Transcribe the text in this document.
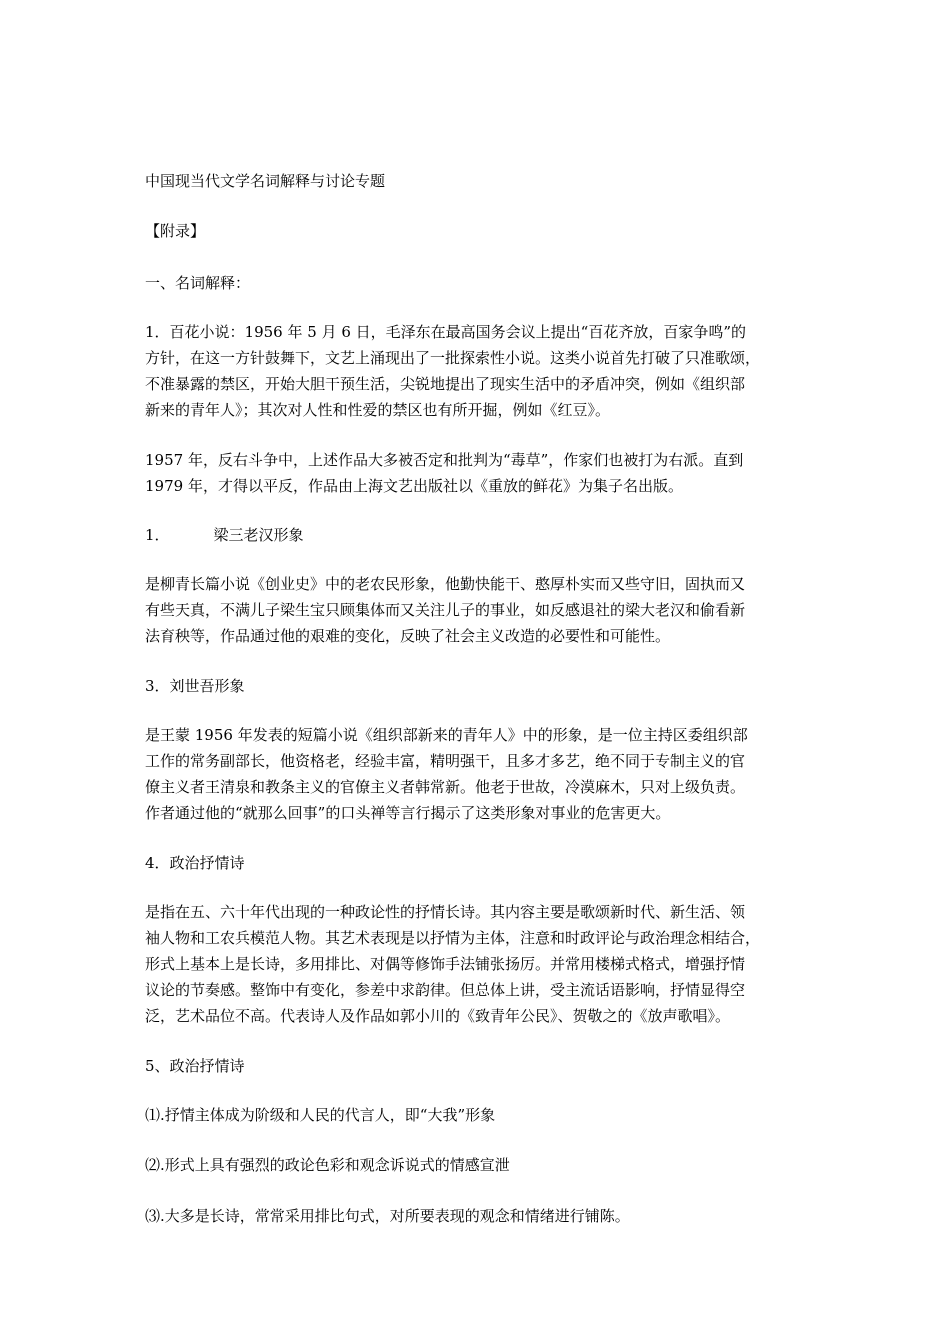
中国现当代文学名词解释与讨论专题

【附录】

一、名词解释：

1．百花小说：1956 年 5 月 6 日，毛泽东在最高国务会议上提出“百花齐放，百家争鸣”的
方针，在这一方针鼓舞下，文艺上涌现出了一批探索性小说。这类小说首先打破了只准歌颂，
不准暴露的禁区，开始大胆干预生活，尖锐地提出了现实生活中的矛盾冲突，例如《组织部
新来的青年人》；其次对人性和性爱的禁区也有所开掘，例如《红豆》。
1957 年，反右斗争中，上述作品大多被否定和批判为“毒草”，作家们也被打为右派。直到
1979 年，才得以平反，作品由上海文艺出版社以《重放的鲜花》为集子名出版。

1．	梁三老汉形象

是柳青长篇小说《创业史》中的老农民形象，他勤快能干、憨厚朴实而又些守旧，固执而又
有些天真，不满儿子梁生宝只顾集体而又关注儿子的事业，如反感退社的梁大老汉和偷看新
法育秧等，作品通过他的艰难的变化，反映了社会主义改造的必要性和可能性。

3．刘世吾形象

是王蒙 1956 年发表的短篇小说《组织部新来的青年人》中的形象，是一位主持区委组织部
工作的常务副部长，他资格老，经验丰富，精明强干，且多才多艺，绝不同于专制主义的官
僚主义者王清泉和教条主义的官僚主义者韩常新。他老于世故，冷漠麻木，只对上级负责。
作者通过他的“就那么回事”的口头禅等言行揭示了这类形象对事业的危害更大。

4．政治抒情诗

是指在五、六十年代出现的一种政论性的抒情长诗。其内容主要是歌颂新时代、新生活、领
袖人物和工农兵模范人物。其艺术表现是以抒情为主体，注意和时政评论与政治理念相结合，
形式上基本上是长诗，多用排比、对偶等修饰手法铺张扬厉。并常用楼梯式格式，增强抒情
议论的节奏感。整饰中有变化，参差中求韵律。但总体上讲，受主流话语影响，抒情显得空
泛，艺术品位不高。代表诗人及作品如郭小川的《致青年公民》、贺敬之的《放声歌唱》。

5、政治抒情诗

⑴.抒情主体成为阶级和人民的代言人，即“大我”形象

⑵.形式上具有强烈的政论色彩和观念诉说式的情感宣泄

⑶.大多是长诗，常常采用排比句式，对所要表现的观念和情绪进行铺陈。
